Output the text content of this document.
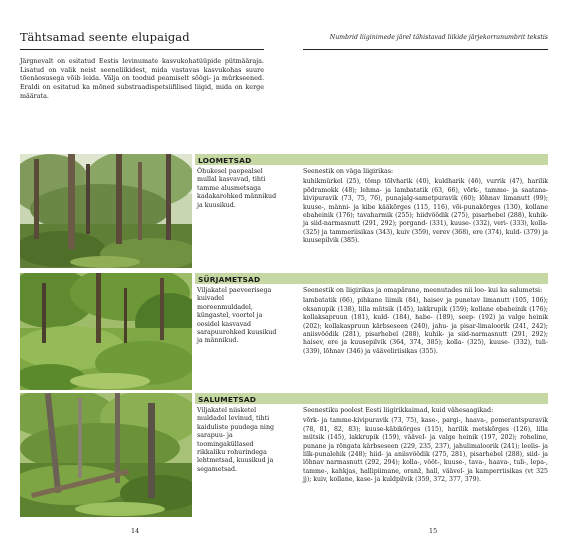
Tähtsamad seente elupaigad	Numbrid liiginimede järel tähistavad liikide järjekorranumbrit tekstis

Järgnevalt on esitatud Eestis levinumate kasvukohatüüpide pütmääraja. Lisatud on valik neist seeneliikidest, mida vastavas kasvukohas suure tõenäosusega võib leida. Välja on toodud peamiselt söögi- ja mürkseened. Eraldi on esitatud ka mõned substraadispetsiifilised liigid, mida on kerge määrata.

LOOMETSAD

Õhukesel paepealsel mullal kasvavad, tihti tamme alusmetsaga kadakarohked männikud ja kuusikud.

Seenestik on väga liigirikas:

kuhikmürkel (25), tömp tõlvharik (40), kuldharik (46), vurrik (47), harilik põdramokk (48); lehma- ja lambatatik (63, 66), võrk-, tamme- ja saatana-kivipuravik (73, 75, 76), punajalg-sametpuravik (60); lõhnav limanutt (99); kuuse-, männi- ja kibe kääkõrges (115, 116), või-punakõrges (130), kollane ebaheinik (176); tavaharmik (255); hiidvöödik (275), pisarhebel (288), kuhik- ja siid-narmasnutt (291, 292); porgand- (331), kuuse- (332), veri- (333), kolla- (325) ja tammeriisikas (343), kuiv (359), verev (368), ere (374), kuld- (379) ja kuusepilvik (385).

SÜRJAMETSAD

Viljakatel paeveerisega kuivadel moreenmuldadel, küngastel, voortel ja oosidel kasvavad sarapuurohked kuusikud ja männikud.

Seenestik on liigirikas ja omapärane, meenutades nii loo- kui ka salumetsi:

lambatatik (66), pihkane liimik (84), haisev ja punetav limanutt (105, 106); oksanupik (138), lilla mütsik (145), lakkrupik (159); kollane ebaheinik (176); kollaksapruun (181), kuld- (184), habe- (189), seep- (192) ja valge heinik (202); kollakaspruun kärbseseen (240), jahu- ja pisar-limaloorik (241, 242); aniisvöödik (281), pisarhebel (288), kuhik- ja siid-narmasnutt (291, 292); haisev, ere ja kuusepilvik (364, 374, 385); kolla- (325), kuuse- (332), tuli- (339), lõhnav (346) ja vääveliriisikas (355).

SALUMETSAD

Viljakatel niisketel muldadel levinud, tihti kaiduliste puudega ning sarapuu- ja toomingaküllased rikkaliku rohurindega lehtmetsad, kuusikud ja segametsad.

Seenestiku poolest Eesti liigirikkaimad, kuid vähesaagikad:

võrk- ja tamme-kivipuravik (73, 75), kase-, pargi-, haava-, pomerantspuravik (78, 81, 82, 83); kuuse-käbikõrges (115), harilik metskõrges (126), lilla mütsik (145), lakkrupik (159), vääveI- ja valge heinik (197, 202); roheline, punane ja rõngata kärbseseen (229, 235, 237), jahulimaloorik (241); leelis- ja lilk-punalehik (248); hiid- ja aniisvöödik (275, 281), pisarhebel (288), siid- ja lõhnav narmasnutt (292, 294); kolla-, vööt-, kuuse-, tava-, haava-, tuli-, lepa-, tamme-, kahkjas, hallipiimane, oranž, hall, väävel- ja kamperriisikas (vt 325 jj); kuiv, kollane, kase- ja kuldpilvik (359, 372, 377, 379).

14	15
